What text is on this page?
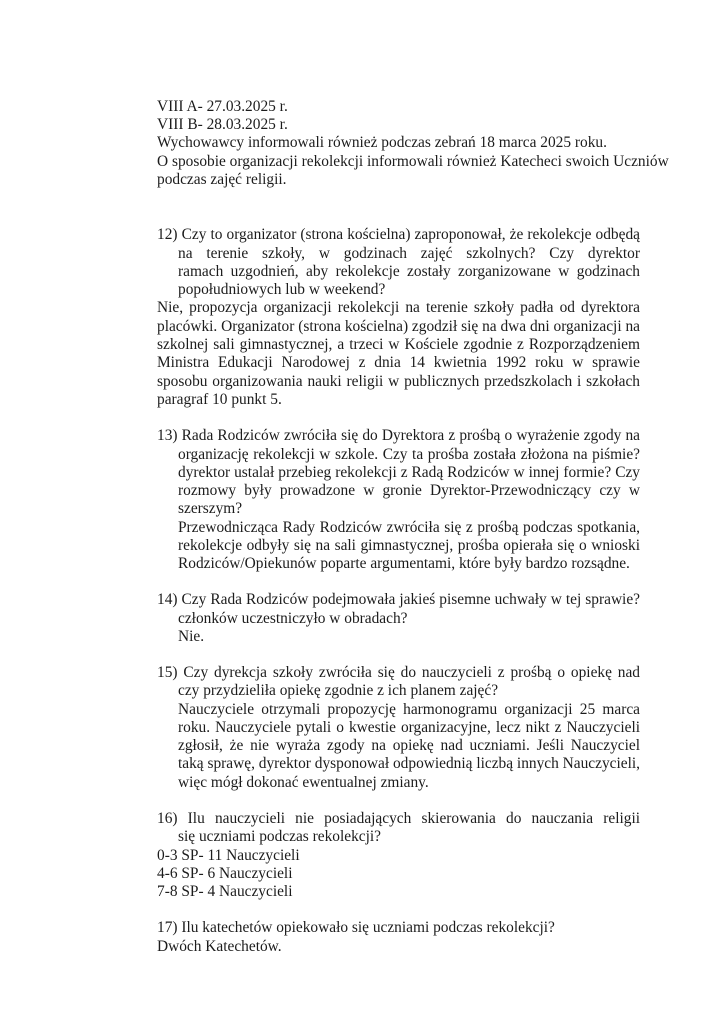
VIII A- 27.03.2025 r.
VIII B- 28.03.2025 r.
Wychowawcy informowali również podczas zebrań 18 marca 2025 roku.
O sposobie organizacji rekolekcji informowali również Katecheci swoich Uczniów
podczas zajęć religii.
12) Czy to organizator (strona kościelna) zaproponował, że rekolekcje odbędą
na terenie szkoły, w godzinach zajęć szkolnych? Czy dyrektor
ramach uzgodnień, aby rekolekcje zostały zorganizowane w godzinach
popołudniowych lub w weekend?
Nie, propozycja organizacji rekolekcji na terenie szkoły padła od dyrektora
placówki. Organizator (strona kościelna) zgodził się na dwa dni organizacji na
szkolnej sali gimnastycznej, a trzeci w Kościele zgodnie z Rozporządzeniem
Ministra Edukacji Narodowej z dnia 14 kwietnia 1992 roku w sprawie
sposobu organizowania nauki religii w publicznych przedszkolach i szkołach
paragraf 10 punkt 5.
13) Rada Rodziców zwróciła się do Dyrektora z prośbą o wyrażenie zgody na
organizację rekolekcji w szkole. Czy ta prośba została złożona na piśmie?
dyrektor ustalał przebieg rekolekcji z Radą Rodziców w innej formie? Czy
rozmowy były prowadzone w gronie Dyrektor-Przewodniczący czy w
szerszym?
Przewodnicząca Rady Rodziców zwróciła się z prośbą podczas spotkania,
rekolekcje odbyły się na sali gimnastycznej, prośba opierała się o wnioski
Rodziców/Opiekunów poparte argumentami, które były bardzo rozsądne.
14) Czy Rada Rodziców podejmowała jakieś pisemne uchwały w tej sprawie?
członków uczestniczyło w obradach?
Nie.
15) Czy dyrekcja szkoły zwróciła się do nauczycieli z prośbą o opiekę nad
czy przydzieliła opiekę zgodnie z ich planem zajęć?
Nauczyciele otrzymali propozycję harmonogramu organizacji 25 marca
roku. Nauczyciele pytali o kwestie organizacyjne, lecz nikt z Nauczycieli
zgłosił, że nie wyraża zgody na opiekę nad uczniami. Jeśli Nauczyciel
taką sprawę, dyrektor dysponował odpowiednią liczbą innych Nauczycieli,
więc mógł dokonać ewentualnej zmiany.
16) Ilu nauczycieli nie posiadających skierowania do nauczania religii
się uczniami podczas rekolekcji?
0-3 SP- 11 Nauczycieli
4-6 SP- 6 Nauczycieli
7-8 SP- 4 Nauczycieli
17) Ilu katechetów opiekowało się uczniami podczas rekolekcji?
Dwóch Katechetów.
